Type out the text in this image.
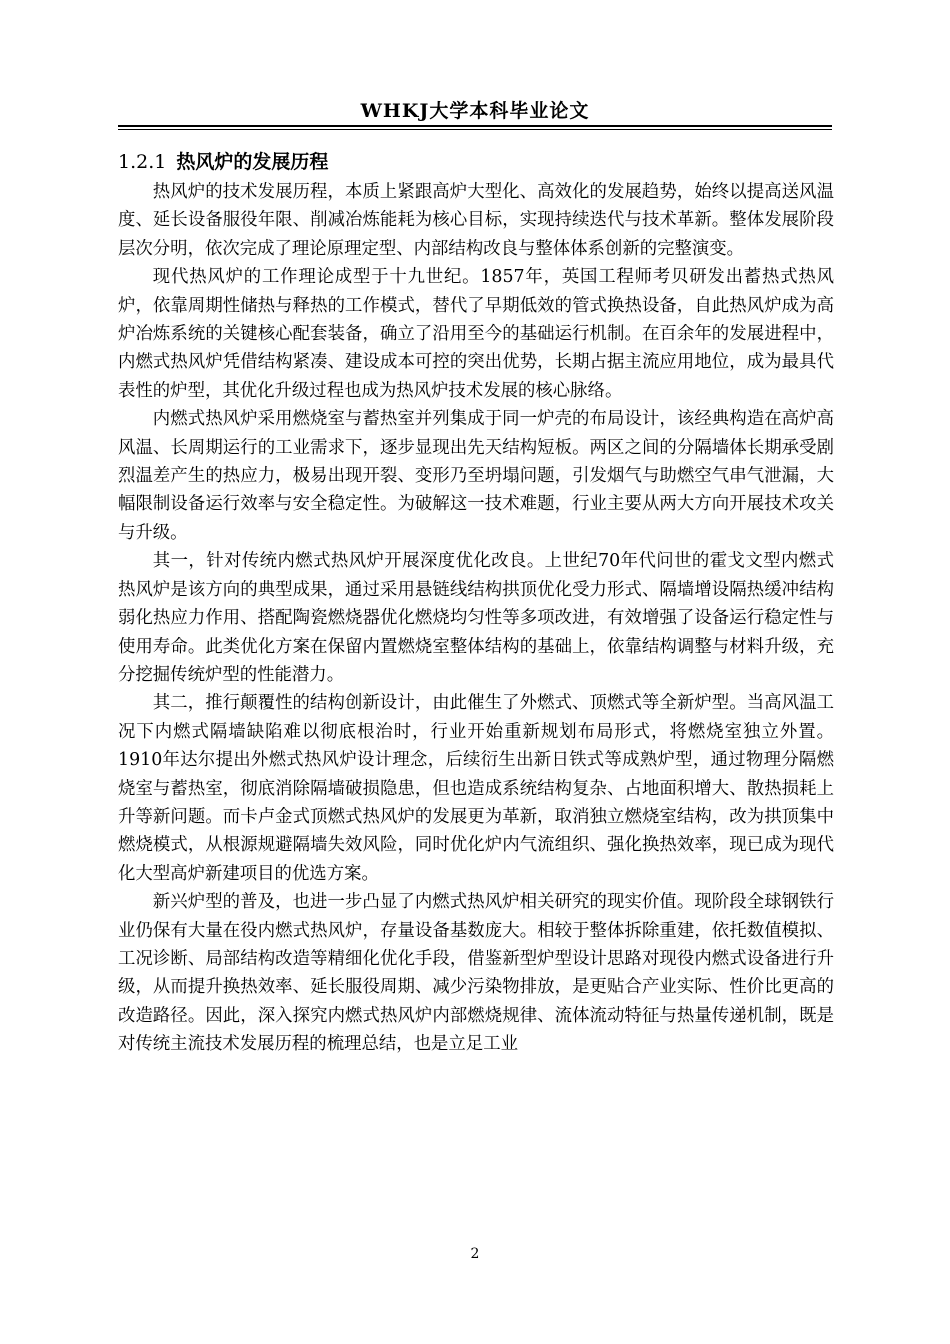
WHKJ大学本科毕业论文
1.2.1 热风炉的发展历程

热风炉的技术发展历程，本质上紧跟高炉大型化、高效化的发展趋势，始终以提高送风温度、延长设备服役年限、削减冶炼能耗为核心目标，实现持续迭代与技术革新。整体发展阶段层次分明，依次完成了理论原理定型、内部结构改良与整体体系创新的完整演变。

现代热风炉的工作理论成型于十九世纪。1857年，英国工程师考贝研发出蓄热式热风炉，依靠周期性储热与释热的工作模式，替代了早期低效的管式换热设备，自此热风炉成为高炉冶炼系统的关键核心配套装备，确立了沿用至今的基础运行机制。在百余年的发展进程中，内燃式热风炉凭借结构紧凑、建设成本可控的突出优势，长期占据主流应用地位，成为最具代表性的炉型，其优化升级过程也成为热风炉技术发展的核心脉络。

内燃式热风炉采用燃烧室与蓄热室并列集成于同一炉壳的布局设计，该经典构造在高炉高风温、长周期运行的工业需求下，逐步显现出先天结构短板。两区之间的分隔墙体长期承受剧烈温差产生的热应力，极易出现开裂、变形乃至坍塌问题，引发烟气与助燃空气串气泄漏，大幅限制设备运行效率与安全稳定性。为破解这一技术难题，行业主要从两大方向开展技术攻关与升级。

其一，针对传统内燃式热风炉开展深度优化改良。上世纪70年代问世的霍戈文型内燃式热风炉是该方向的典型成果，通过采用悬链线结构拱顶优化受力形式、隔墙增设隔热缓冲结构弱化热应力作用、搭配陶瓷燃烧器优化燃烧均匀性等多项改进，有效增强了设备运行稳定性与使用寿命。此类优化方案在保留内置燃烧室整体结构的基础上，依靠结构调整与材料升级，充分挖掘传统炉型的性能潜力。

其二，推行颠覆性的结构创新设计，由此催生了外燃式、顶燃式等全新炉型。当高风温工况下内燃式隔墙缺陷难以彻底根治时，行业开始重新规划布局形式，将燃烧室独立外置。1910年达尔提出外燃式热风炉设计理念，后续衍生出新日铁式等成熟炉型，通过物理分隔燃烧室与蓄热室，彻底消除隔墙破损隐患，但也造成系统结构复杂、占地面积增大、散热损耗上升等新问题。而卡卢金式顶燃式热风炉的发展更为革新，取消独立燃烧室结构，改为拱顶集中燃烧模式，从根源规避隔墙失效风险，同时优化炉内气流组织、强化换热效率，现已成为现代化大型高炉新建项目的优选方案。

新兴炉型的普及，也进一步凸显了内燃式热风炉相关研究的现实价值。现阶段全球钢铁行业仍保有大量在役内燃式热风炉，存量设备基数庞大。相较于整体拆除重建，依托数值模拟、工况诊断、局部结构改造等精细化优化手段，借鉴新型炉型设计思路对现役内燃式设备进行升级，从而提升换热效率、延长服役周期、减少污染物排放，是更贴合产业实际、性价比更高的改造路径。因此，深入探究内燃式热风炉内部燃烧规律、流体流动特征与热量传递机制，既是对传统主流技术发展历程的梳理总结，也是立足工业

2
